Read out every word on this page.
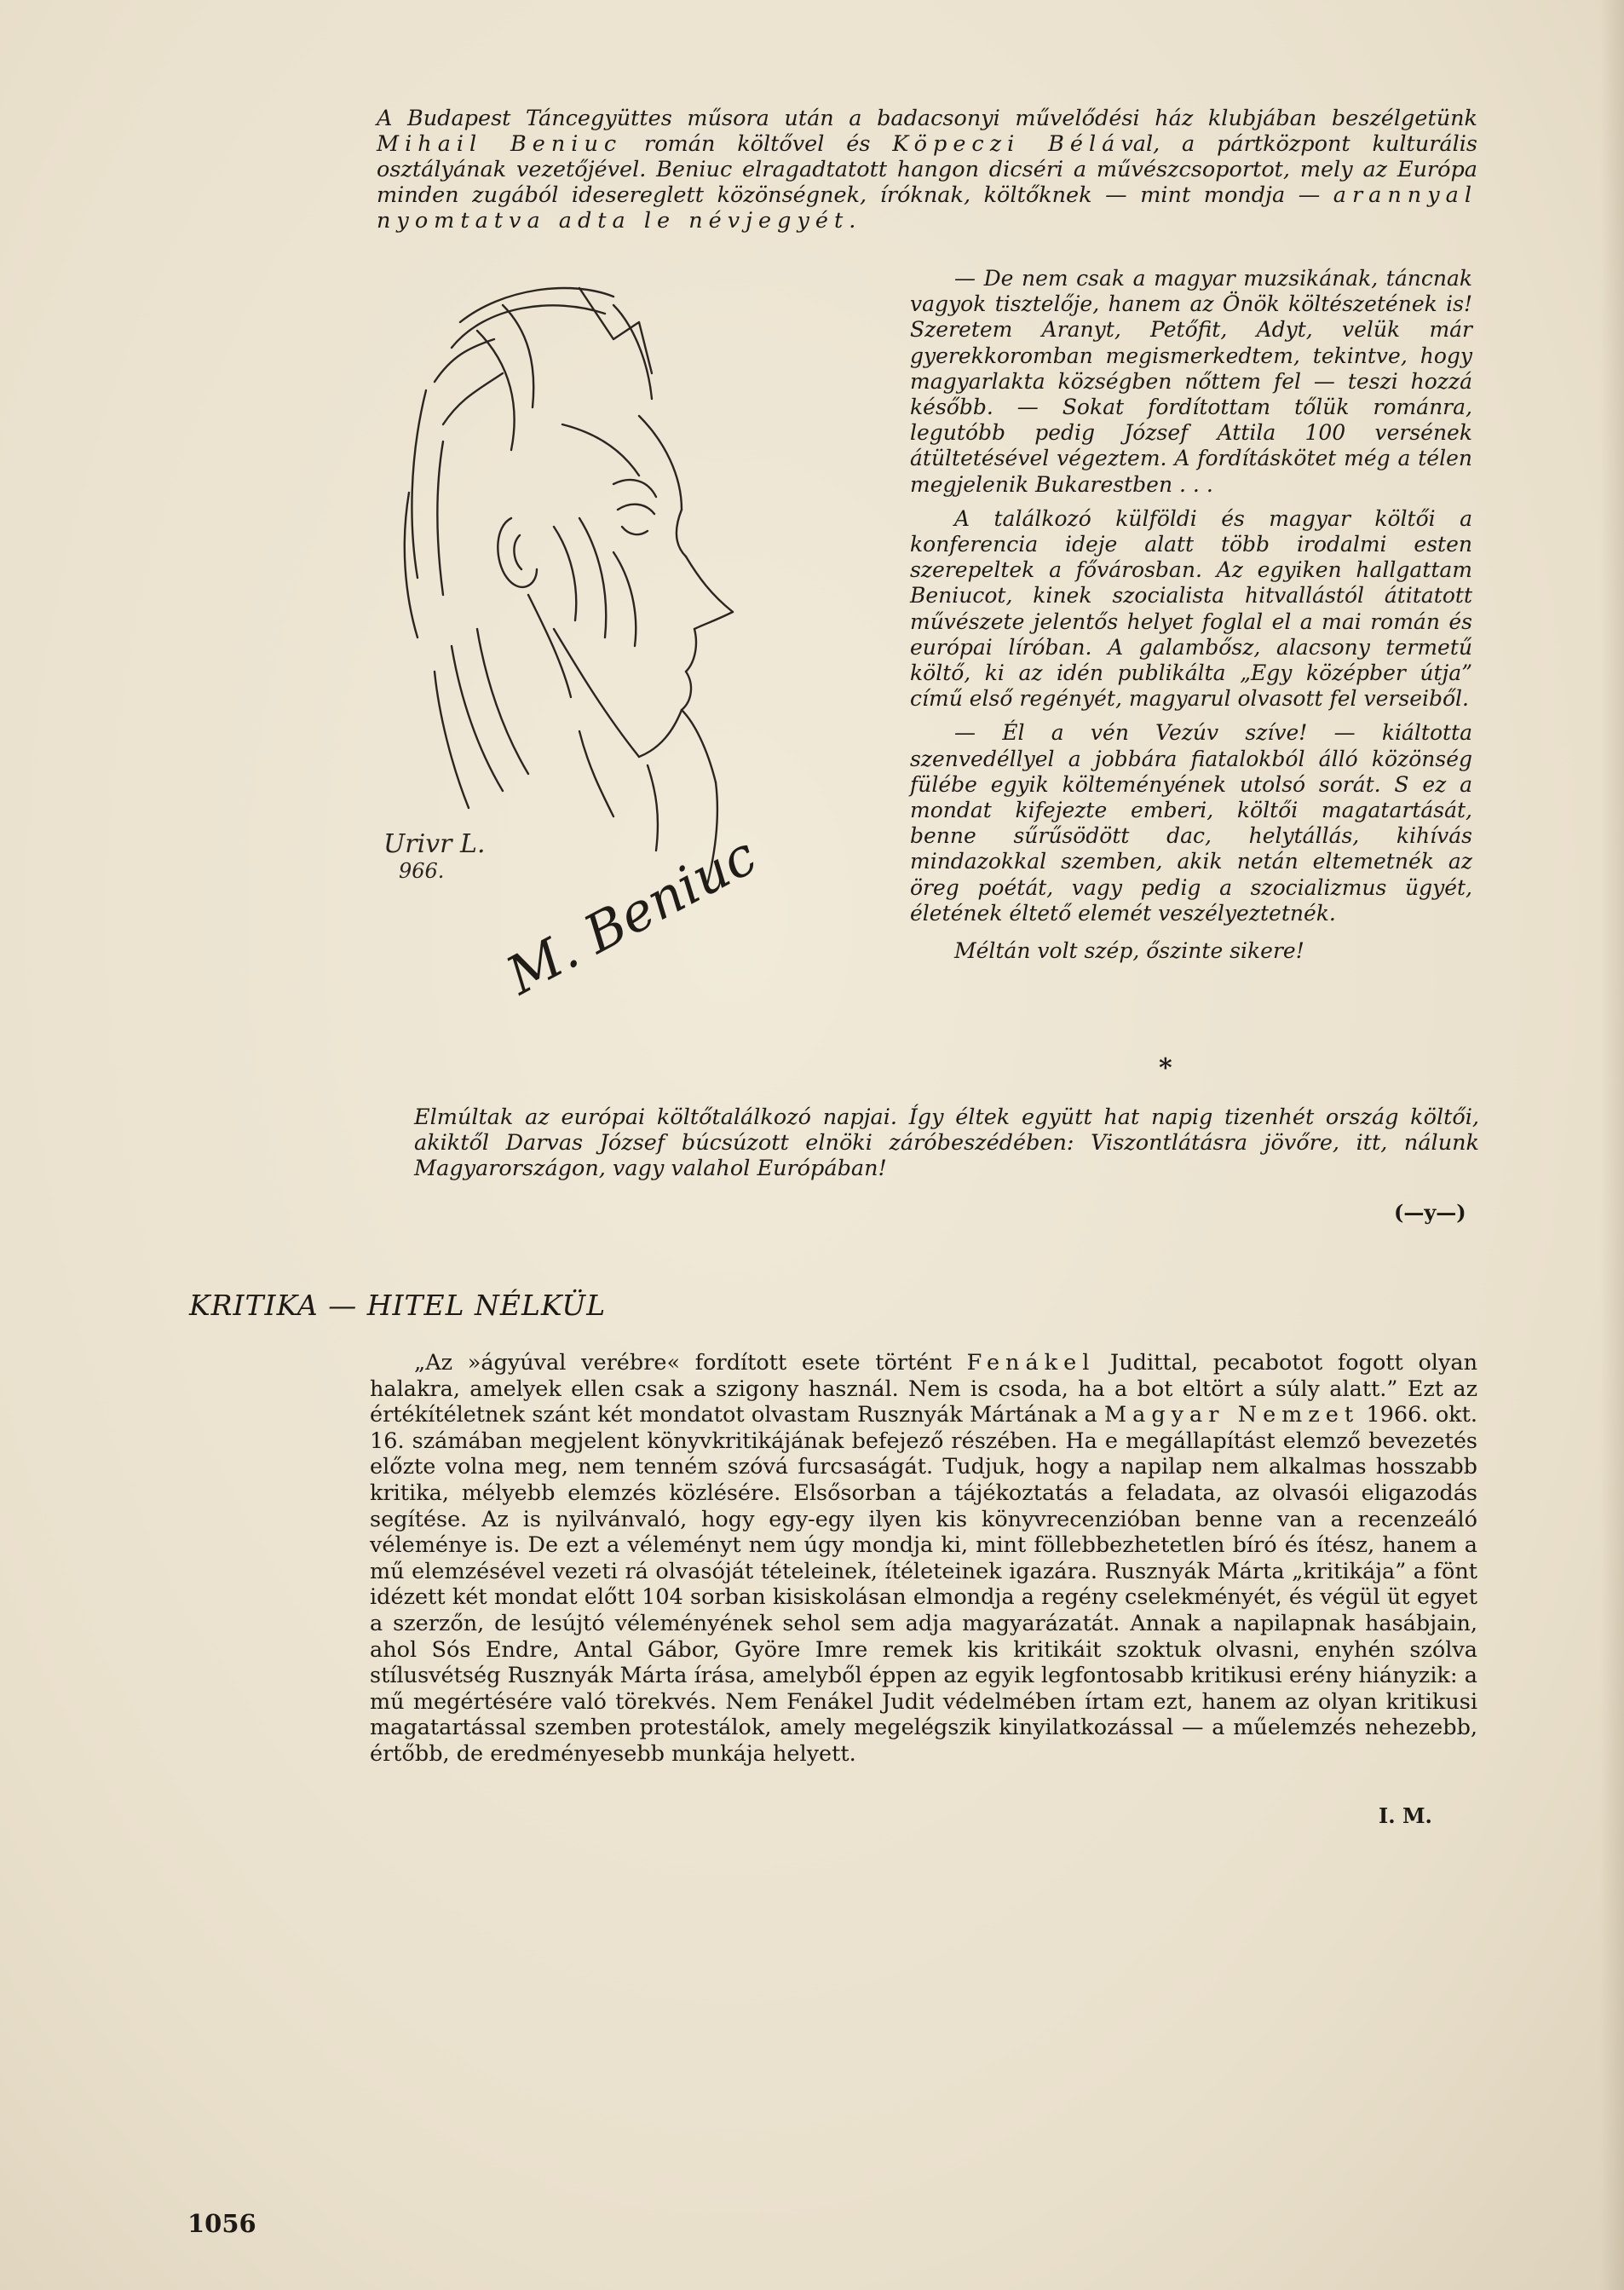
A Budapest Táncegyüttes műsora után a badacsonyi művelődési ház klubjában beszélgetünk Mihail Beniuc román költővel és Köpeczi Bélával, a pártközpont kulturális osztályának vezetőjével. Beniuc elragadtatott hangon dicséri a művészcsoportot, mely az Európa minden zugából idesereglett közönségnek, íróknak, költőknek — mint mondja — arannyal nyomtatva adta le névjegyét.
Urivr L.
966. M. Beniuc

— De nem csak a magyar muzsikának, táncnak vagyok tisztelője, hanem az Önök költészetének is! Szeretem Aranyt, Petőfit, Adyt, velük már gyerekkoromban megismerkedtem, tekintve, hogy magyarlakta községben nőttem fel — teszi hozzá később. — Sokat fordítottam tőlük románra, legutóbb pedig József Attila 100 versének átültetésével végeztem. A fordításkötet még a télen megjelenik Bukarestben . . .

A találkozó külföldi és magyar költői a konferencia ideje alatt több irodalmi esten szerepeltek a fővárosban. Az egyiken hallgattam Beniucot, kinek szocialista hitvallástól átitatott művészete jelentős helyet foglal el a mai román és európai líróban. A galambősz, alacsony termetű költő, ki az idén publikálta „Egy középber útja” című első regényét, magyarul olvasott fel verseiből.

— Él a vén Vezúv szíve! — kiáltotta szenvedéllyel a jobbára fiatalokból álló közönség fülébe egyik költeményének utolsó sorát. S ez a mondat kifejezte emberi, költői magatartását, benne sűrűsödött dac, helytállás, kihívás mindazokkal szemben, akik netán eltemetnék az öreg poétát, vagy pedig a szocializmus ügyét, életének éltető elemét veszélyeztetnék.

Méltán volt szép, őszinte sikere!

*
Elmúltak az európai költőtalálkozó napjai. Így éltek együtt hat napig tizenhét ország költői, akiktől Darvas József búcsúzott elnöki záróbeszédében: Viszontlátásra jövőre, itt, nálunk Magyarországon, vagy valahol Európában!
(—y—)
KRITIKA — HITEL NÉLKÜL
„Az »ágyúval verébre« fordított esete történt Fenákel Judittal, pecabotot fogott olyan halakra, amelyek ellen csak a szigony használ. Nem is csoda, ha a bot eltört a súly alatt.” Ezt az értékítéletnek szánt két mondatot olvastam Rusznyák Mártának a Magyar Nemzet 1966. okt. 16. számában megjelent könyvkritikájának befejező részében. Ha e megállapítást elemző bevezetés előzte volna meg, nem tenném szóvá furcsaságát. Tudjuk, hogy a napilap nem alkalmas hosszabb kritika, mélyebb elemzés közlésére. Elsősorban a tájékoztatás a feladata, az olvasói eligazodás segítése. Az is nyilvánvaló, hogy egy-egy ilyen kis könyvrecenzióban benne van a recenzeáló véleménye is. De ezt a véleményt nem úgy mondja ki, mint föllebbezhetetlen bíró és ítész, hanem a mű elemzésével vezeti rá olvasóját tételeinek, ítéleteinek igazára. Rusznyák Márta „kritikája” a fönt idézett két mondat előtt 104 sorban kisiskolásan elmondja a regény cselekményét, és végül üt egyet a szerzőn, de lesújtó véleményének sehol sem adja magyarázatát. Annak a napilapnak hasábjain, ahol Sós Endre, Antal Gábor, Györe Imre remek kis kritikáit szoktuk olvasni, enyhén szólva stílusvétség Rusznyák Márta írása, amelyből éppen az egyik legfontosabb kritikusi erény hiányzik: a mű megértésére való törekvés. Nem Fenákel Judit védelmében írtam ezt, hanem az olyan kritikusi magatartással szemben protestálok, amely megelégszik kinyilatkozással — a műelemzés nehezebb, értőbb, de eredményesebb munkája helyett.
I. M.
1056
